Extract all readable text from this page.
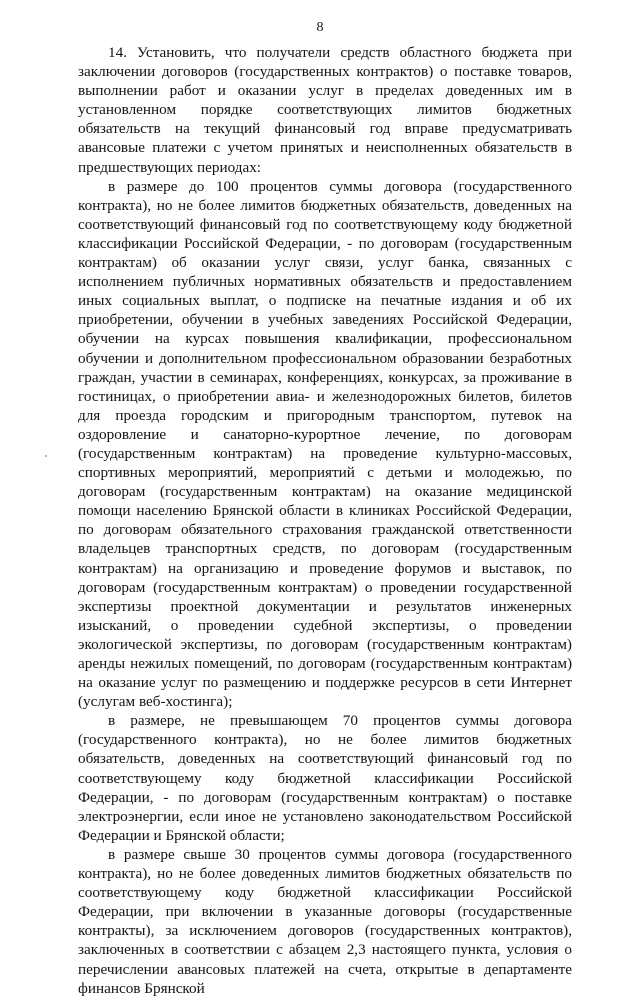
8

14. Установить, что получатели средств областного бюджета при заключении договоров (государственных контрактов) о поставке товаров, выполнении работ и оказании услуг в пределах доведенных им в установленном порядке соответствующих лимитов бюджетных обязательств на текущий финансовый год вправе предусматривать авансовые платежи с учетом принятых и неисполненных обязательств в предшествующих периодах:

в размере до 100 процентов суммы договора (государственного контракта), но не более лимитов бюджетных обязательств, доведенных на соответствующий финансовый год по соответствующему коду бюджетной классификации Российской Федерации, - по договорам (государственным контрактам) об оказании услуг связи, услуг банка, связанных с исполнением публичных нормативных обязательств и предоставлением иных социальных выплат, о подписке на печатные издания и об их приобретении, обучении в учебных заведениях Российской Федерации, обучении на курсах повышения квалификации, профессиональном обучении и дополнительном профессиональном образовании безработных граждан, участии в семинарах, конференциях, конкурсах, за проживание в гостиницах, о приобретении авиа- и железнодорожных билетов, билетов для проезда городским и пригородным транспортом, путевок на оздоровление и санаторно-курортное лечение, по договорам (государственным контрактам) на проведение культурно-массовых, спортивных мероприятий, мероприятий с детьми и молодежью, по договорам (государственным контрактам) на оказание медицинской помощи населению Брянской области в клиниках Российской Федерации, по договорам обязательного страхования гражданской ответственности владельцев транспортных средств, по договорам (государственным контрактам) на организацию и проведение форумов и выставок, по договорам (государственным контрактам) о проведении государственной экспертизы проектной документации и результатов инженерных изысканий, о проведении судебной экспертизы, о проведении экологической экспертизы, по договорам (государственным контрактам) аренды нежилых помещений, по договорам (государственным контрактам) на оказание услуг по размещению и поддержке ресурсов в сети Интернет (услугам веб-хостинга);

в размере, не превышающем 70 процентов суммы договора (государственного контракта), но не более лимитов бюджетных обязательств, доведенных на соответствующий финансовый год по соответствующему коду бюджетной классификации Российской Федерации, - по договорам (государственным контрактам) о поставке электроэнергии, если иное не установлено законодательством Российской Федерации и Брянской области;

в размере свыше 30 процентов суммы договора (государственного контракта), но не более доведенных лимитов бюджетных обязательств по соответствующему коду бюджетной классификации Российской Федерации, при включении в указанные договоры (государственные контракты), за исключением договоров (государственных контрактов), заключенных в соответствии с абзацем 2,3 настоящего пункта, условия о перечислении авансовых платежей на счета, открытые в департаменте финансов Брянской
